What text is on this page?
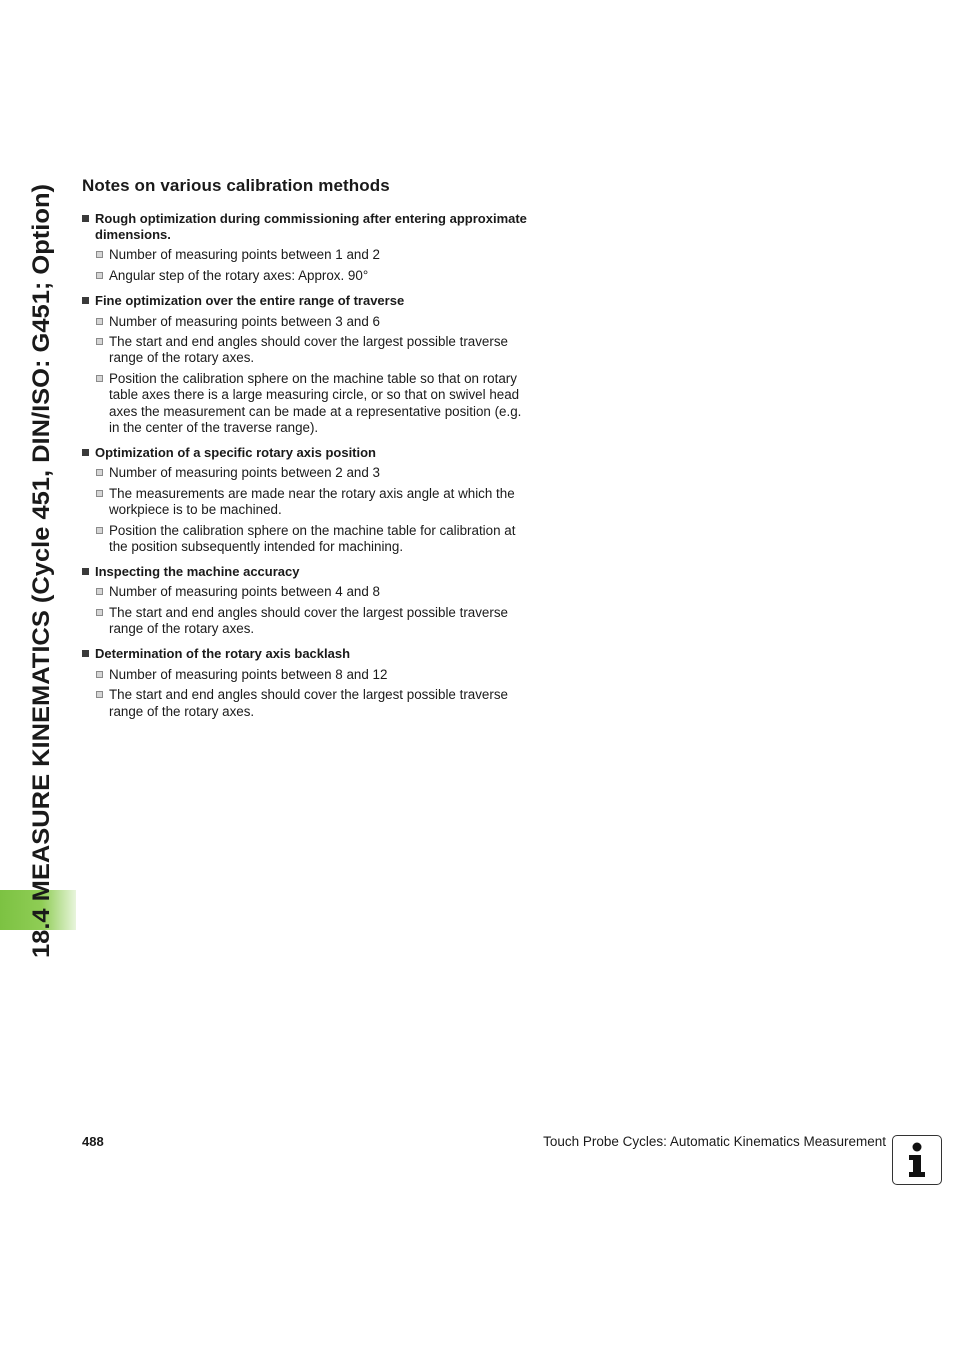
18.4 MEASURE KINEMATICS (Cycle 451, DIN/ISO: G451; Option)
Notes on various calibration methods
Rough optimization during commissioning after entering approximate dimensions.
Number of measuring points between 1 and 2
Angular step of the rotary axes: Approx. 90°
Fine optimization over the entire range of traverse
Number of measuring points between 3 and 6
The start and end angles should cover the largest possible traverse range of the rotary axes.
Position the calibration sphere on the machine table so that on rotary table axes there is a large measuring circle, or so that on swivel head axes the measurement can be made at a representative position (e.g. in the center of the traverse range).
Optimization of a specific rotary axis position
Number of measuring points between 2 and 3
The measurements are made near the rotary axis angle at which the workpiece is to be machined.
Position the calibration sphere on the machine table for calibration at the position subsequently intended for machining.
Inspecting the machine accuracy
Number of measuring points between 4 and 8
The start and end angles should cover the largest possible traverse range of the rotary axes.
Determination of the rotary axis backlash
Number of measuring points between 8 and 12
The start and end angles should cover the largest possible traverse range of the rotary axes.
488	Touch Probe Cycles: Automatic Kinematics Measurement
